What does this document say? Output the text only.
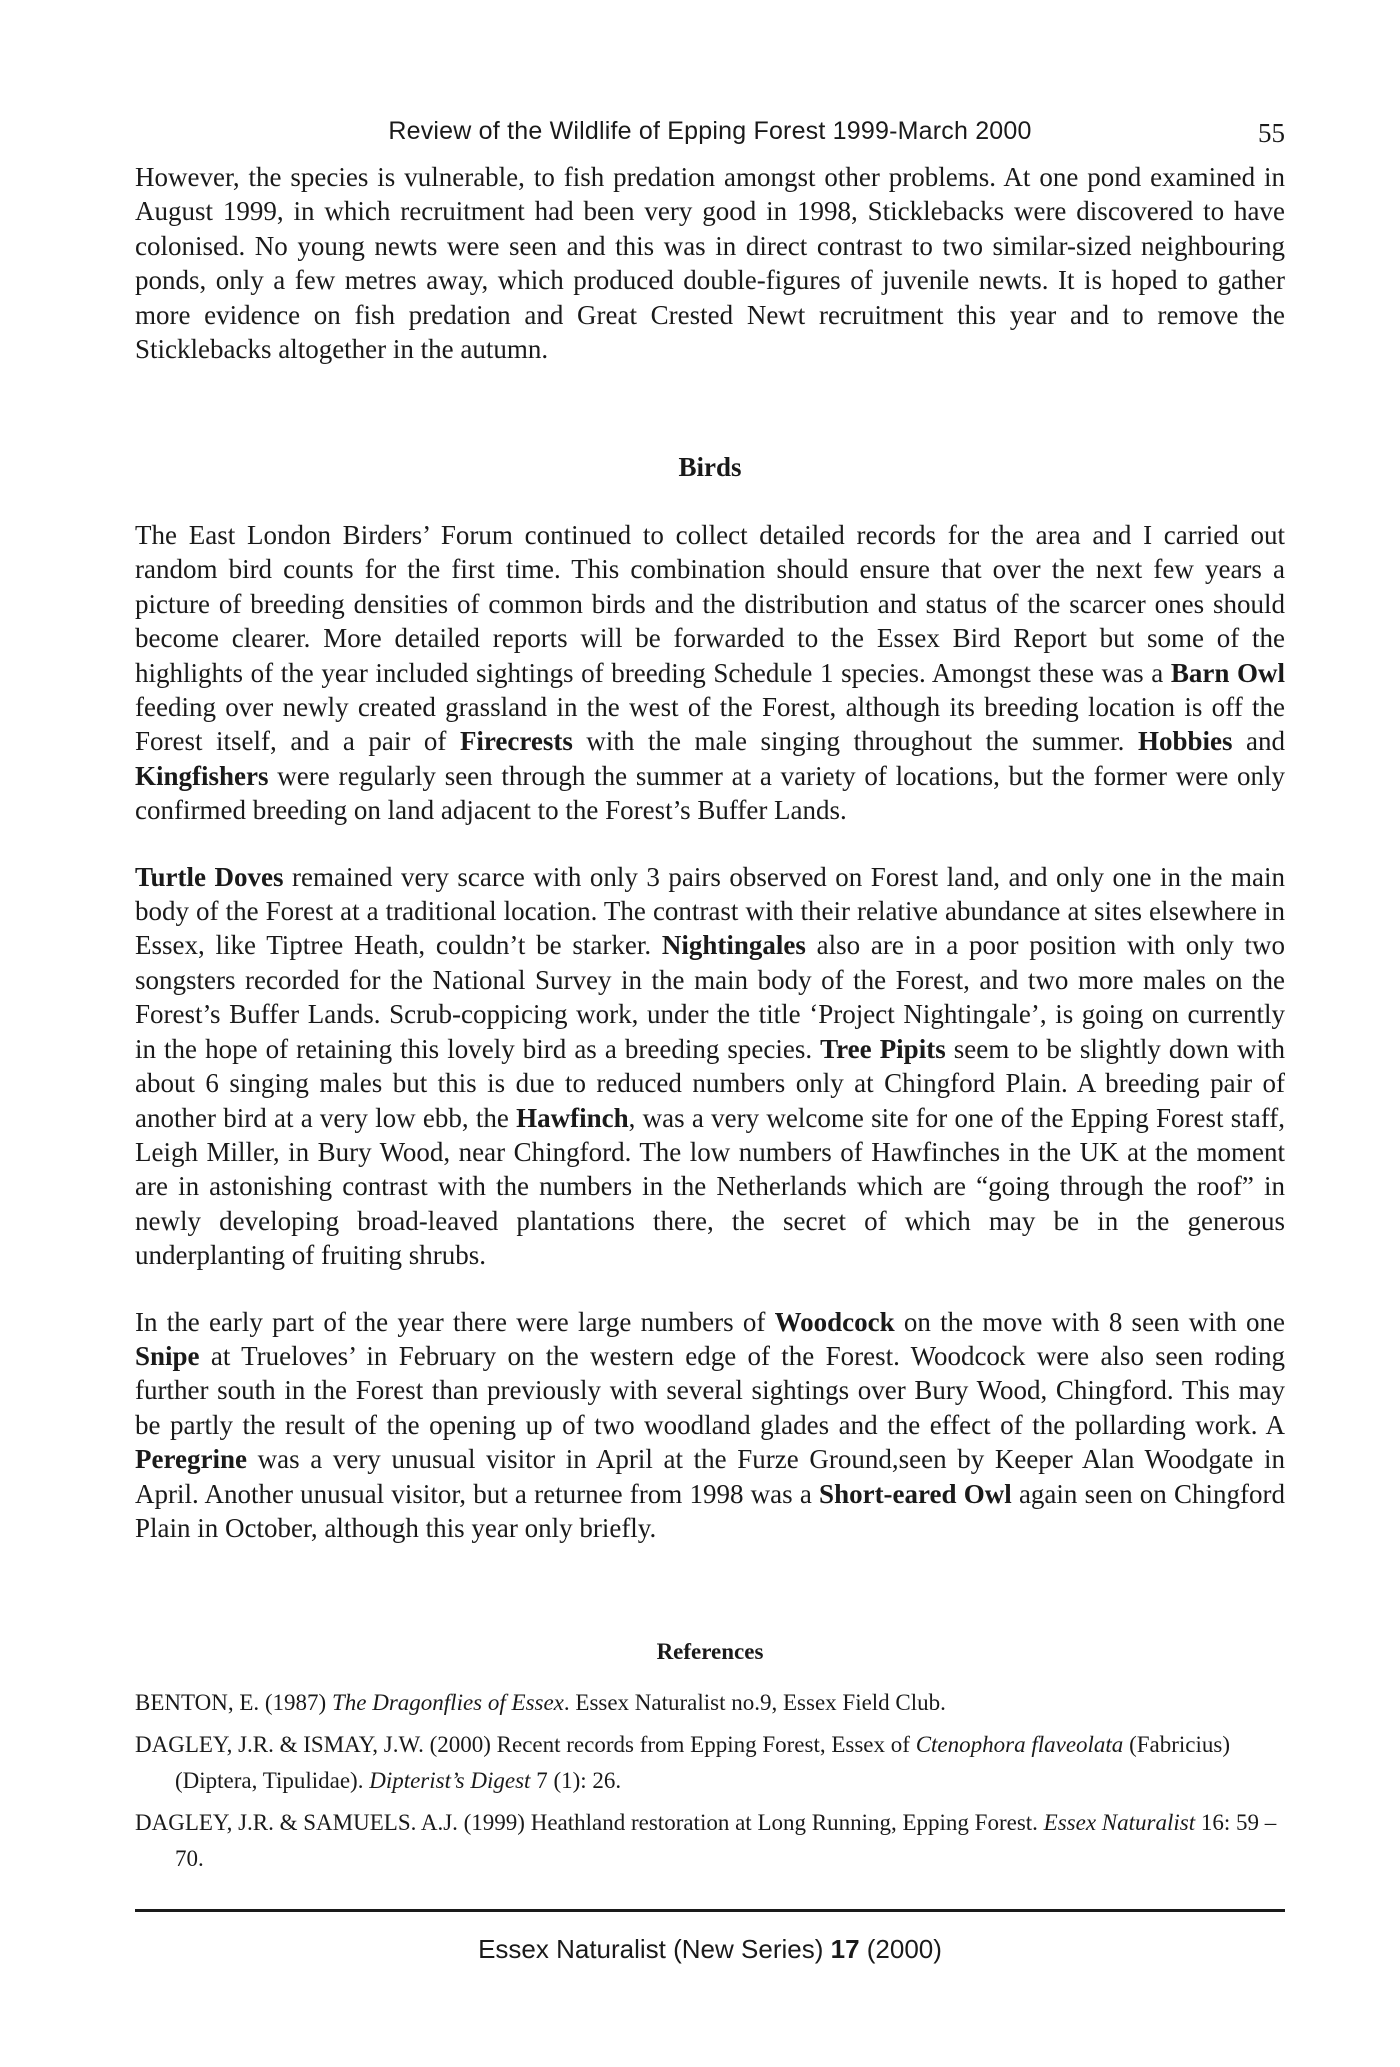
Review of the Wildlife of Epping Forest 1999-March 2000	55

However, the species is vulnerable, to fish predation amongst other problems. At one pond examined in August 1999, in which recruitment had been very good in 1998, Sticklebacks were discovered to have colonised. No young newts were seen and this was in direct contrast to two similar-sized neighbouring ponds, only a few metres away, which produced double-figures of juvenile newts. It is hoped to gather more evidence on fish predation and Great Crested Newt recruitment this year and to remove the Sticklebacks altogether in the autumn.

Birds

The East London Birders’ Forum continued to collect detailed records for the area and I carried out random bird counts for the first time. This combination should ensure that over the next few years a picture of breeding densities of common birds and the distribution and status of the scarcer ones should become clearer. More detailed reports will be forwarded to the Essex Bird Report but some of the highlights of the year included sightings of breeding Schedule 1 species. Amongst these was a Barn Owl feeding over newly created grassland in the west of the Forest, although its breeding location is off the Forest itself, and a pair of Firecrests with the male singing throughout the summer. Hobbies and Kingfishers were regularly seen through the summer at a variety of locations, but the former were only confirmed breeding on land adjacent to the Forest’s Buffer Lands.

Turtle Doves remained very scarce with only 3 pairs observed on Forest land, and only one in the main body of the Forest at a traditional location. The contrast with their relative abundance at sites elsewhere in Essex, like Tiptree Heath, couldn’t be starker. Nightingales also are in a poor position with only two songsters recorded for the National Survey in the main body of the Forest, and two more males on the Forest’s Buffer Lands. Scrub-coppicing work, under the title ‘Project Nightingale’, is going on currently in the hope of retaining this lovely bird as a breeding species. Tree Pipits seem to be slightly down with about 6 singing males but this is due to reduced numbers only at Chingford Plain. A breeding pair of another bird at a very low ebb, the Hawfinch, was a very welcome site for one of the Epping Forest staff, Leigh Miller, in Bury Wood, near Chingford. The low numbers of Hawfinches in the UK at the moment are in astonishing contrast with the numbers in the Netherlands which are “going through the roof” in newly developing broad-leaved plantations there, the secret of which may be in the generous underplanting of fruiting shrubs.

In the early part of the year there were large numbers of Woodcock on the move with 8 seen with one Snipe at Trueloves’ in February on the western edge of the Forest. Woodcock were also seen roding further south in the Forest than previously with several sightings over Bury Wood, Chingford. This may be partly the result of the opening up of two woodland glades and the effect of the pollarding work. A Peregrine was a very unusual visitor in April at the Furze Ground,seen by Keeper Alan Woodgate in April. Another unusual visitor, but a returnee from 1998 was a Short-eared Owl again seen on Chingford Plain in October, although this year only briefly.

References

BENTON, E. (1987) The Dragonflies of Essex. Essex Naturalist no.9, Essex Field Club.

DAGLEY, J.R. & ISMAY, J.W. (2000) Recent records from Epping Forest, Essex of Ctenophora flaveolata (Fabricius) (Diptera, Tipulidae). Dipterist’s Digest 7 (1): 26.

DAGLEY, J.R. & SAMUELS. A.J. (1999) Heathland restoration at Long Running, Epping Forest. Essex Naturalist 16: 59 – 70.

Essex Naturalist (New Series) 17 (2000)
